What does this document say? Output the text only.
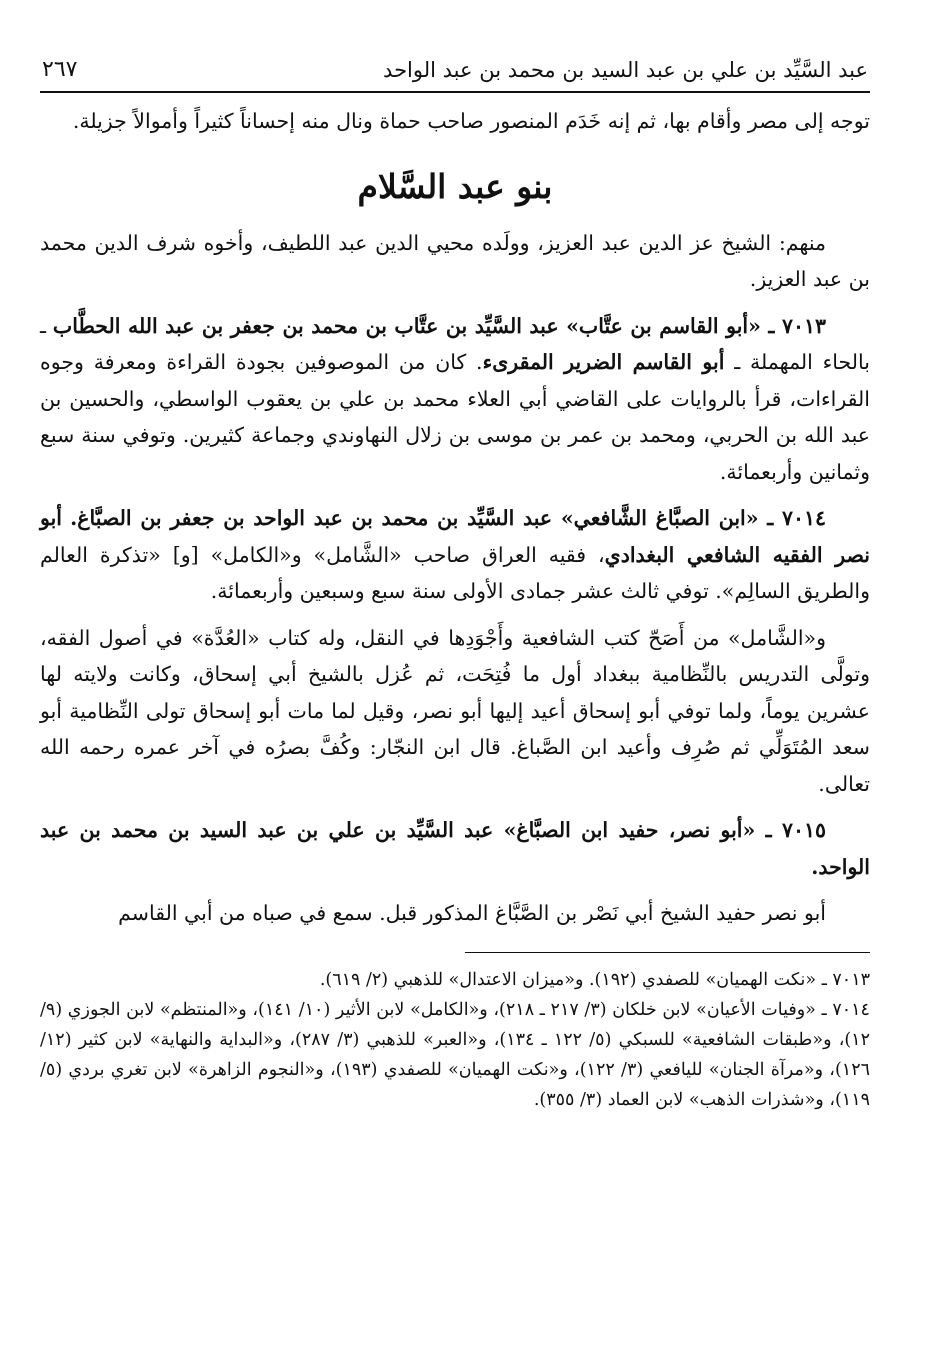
عبد السَّيِّد بن علي بن عبد السيد بن محمد بن عبد الواحد
٢٦٧

توجه إلى مصر وأقام بها، ثم إنه خَدَم المنصور صاحب حماة ونال منه إحساناً كثيراً وأموالاً جزيلة.

بنو عبد السَّلام

منهم: الشيخ عز الدين عبد العزيز، وولَده محيي الدين عبد اللطيف، وأخوه شرف الدين محمد بن عبد العزيز.

٧٠١٣ ـ «أبو القاسم بن عتَّاب» عبد السَّيِّد بن عتَّاب بن محمد بن جعفر بن عبد الله الحطَّاب ـ بالحاء المهملة ـ أبو القاسم الضرير المقرىء. كان من الموصوفين بجودة القراءة ومعرفة وجوه القراءات، قرأ بالروايات على القاضي أبي العلاء محمد بن علي بن يعقوب الواسطي، والحسين بن عبد الله بن الحربي، ومحمد بن عمر بن موسى بن زلال النهاوندي وجماعة كثيرين. وتوفي سنة سبع وثمانين وأربعمائة.

٧٠١٤ ـ «ابن الصبَّاغ الشَّافعي» عبد السَّيِّد بن محمد بن عبد الواحد بن جعفر بن الصبَّاغ. أبو نصر الفقيه الشافعي البغدادي، فقيه العراق صاحب «الشَّامل» و«الكامل» [و] «تذكرة العالم والطريق السالِم». توفي ثالث عشر جمادى الأولى سنة سبع وسبعين وأربعمائة.

و«الشَّامل» من أَصَحّ كتب الشافعية وأَجْوَدِها في النقل، وله كتاب «العُدَّة» في أصول الفقه، وتولَّى التدريس بالنِّظامية ببغداد أول ما فُتِحَت، ثم عُزل بالشيخ أبي إسحاق، وكانت ولايته لها عشرين يوماً، ولما توفي أبو إسحاق أعيد إليها أبو نصر، وقيل لما مات أبو إسحاق تولى النِّظامية أبو سعد المُتَوَلِّي ثم صُرِف وأعيد ابن الصَّباغ. قال ابن النجّار: وكُفَّ بصرُه في آخر عمره رحمه الله تعالى.

٧٠١٥ ـ «أبو نصر، حفيد ابن الصبَّاغ» عبد السَّيِّد بن علي بن عبد السيد بن محمد بن عبد الواحد.

أبو نصر حفيد الشيخ أبي نَصْر بن الصَّبَّاغ المذكور قبل. سمع في صباه من أبي القاسم

٧٠١٣ ـ «نكت الهميان» للصفدي (١٩٢). و«ميزان الاعتدال» للذهبي (٢/ ٦١٩).

٧٠١٤ ـ «وفيات الأعيان» لابن خلكان (٣/ ٢١٧ ـ ٢١٨)، و«الكامل» لابن الأثير (١٠/ ١٤١)، و«المنتظم» لابن الجوزي (٩/ ١٢)، و«طبقات الشافعية» للسبكي (٥/ ١٢٢ ـ ١٣٤)، و«العبر» للذهبي (٣/ ٢٨٧)، و«البداية والنهاية» لابن كثير (١٢/ ١٢٦)، و«مرآة الجنان» لليافعي (٣/ ١٢٢)، و«نكت الهميان» للصفدي (١٩٣)، و«النجوم الزاهرة» لابن تغري بردي (٥/ ١١٩)، و«شذرات الذهب» لابن العماد (٣/ ٣٥٥).
